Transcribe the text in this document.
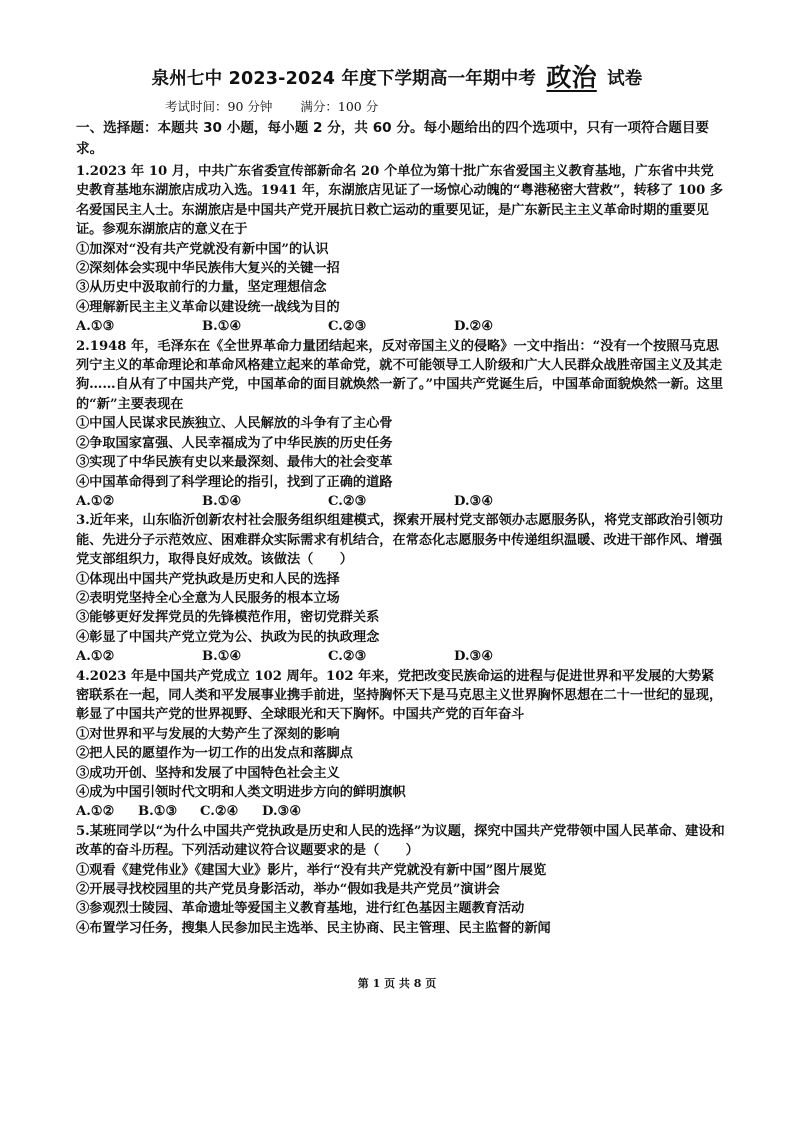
泉州七中 2023-2024 年度下学期高一年期中考 政治 试卷
考试时间：90 分钟 满分：100 分
一、选择题：本题共 30 小题，每小题 2 分，共 60 分。每小题给出的四个选项中，只有一项符合题目要求。
1.2023 年 10 月，中共广东省委宣传部新命名 20 个单位为第十批广东省爱国主义教育基地，广东省中共党史教育基地东湖旅店成功入选。1941 年，东湖旅店见证了一场惊心动魄的“粤港秘密大营救”，转移了 100 多名爱国民主人士。东湖旅店是中国共产党开展抗日救亡运动的重要见证，是广东新民主主义革命时期的重要见证。参观东湖旅店的意义在于
①加深对“没有共产党就没有新中国”的认识
②深刻体会实现中华民族伟大复兴的关键一招
③从历史中汲取前行的力量，坚定理想信念
④理解新民主主义革命以建设统一战线为目的
A.①③	B.①④	C.②③	D.②④
2.1948 年，毛泽东在《全世界革命力量团结起来，反对帝国主义的侵略》一文中指出：“没有一个按照马克思列宁主义的革命理论和革命风格建立起来的革命党，就不可能领导工人阶级和广大人民群众战胜帝国主义及其走狗……自从有了中国共产党，中国革命的面目就焕然一新了。”中国共产党诞生后，中国革命面貌焕然一新。这里的“新”主要表现在
①中国人民谋求民族独立、人民解放的斗争有了主心骨
②争取国家富强、人民幸福成为了中华民族的历史任务
③实现了中华民族有史以来最深刻、最伟大的社会变革
④中国革命得到了科学理论的指引，找到了正确的道路
A.①②	B.①④	C.②③	D.③④
3.近年来，山东临沂创新农村社会服务组织组建模式，探索开展村党支部领办志愿服务队，将党支部政治引领功能、先进分子示范效应、困难群众实际需求有机结合，在常态化志愿服务中传递组织温暖、改进干部作风、增强党支部组织力，取得良好成效。该做法（　　）
①体现出中国共产党执政是历史和人民的选择
②表明党坚持全心全意为人民服务的根本立场
③能够更好发挥党员的先锋模范作用，密切党群关系
④彰显了中国共产党立党为公、执政为民的执政理念
A.①②	B.①④	C.②③	D.③④
4.2023 年是中国共产党成立 102 周年。102 年来，党把改变民族命运的进程与促进世界和平发展的大势紧密联系在一起，同人类和平发展事业携手前进，坚持胸怀天下是马克思主义世界胸怀思想在二十一世纪的显现，彰显了中国共产党的世界视野、全球眼光和天下胸怀。中国共产党的百年奋斗
①对世界和平与发展的大势产生了深刻的影响
②把人民的愿望作为一切工作的出发点和落脚点
③成功开创、坚持和发展了中国特色社会主义
④成为中国引领时代文明和人类文明进步方向的鲜明旗帜
A.①②	B.①③	C.②④	D.③④
5.某班同学以“为什么中国共产党执政是历史和人民的选择”为议题，探究中国共产党带领中国人民革命、建设和改革的奋斗历程。下列活动建议符合议题要求的是（　　）
①观看《建党伟业》《建国大业》影片，举行“没有共产党就没有新中国”图片展览
②开展寻找校园里的共产党员身影活动，举办“假如我是共产党员”演讲会
③参观烈士陵园、革命遗址等爱国主义教育基地，进行红色基因主题教育活动
④布置学习任务，搜集人民参加民主选举、民主协商、民主管理、民主监督的新闻
第 1 页 共 8 页
